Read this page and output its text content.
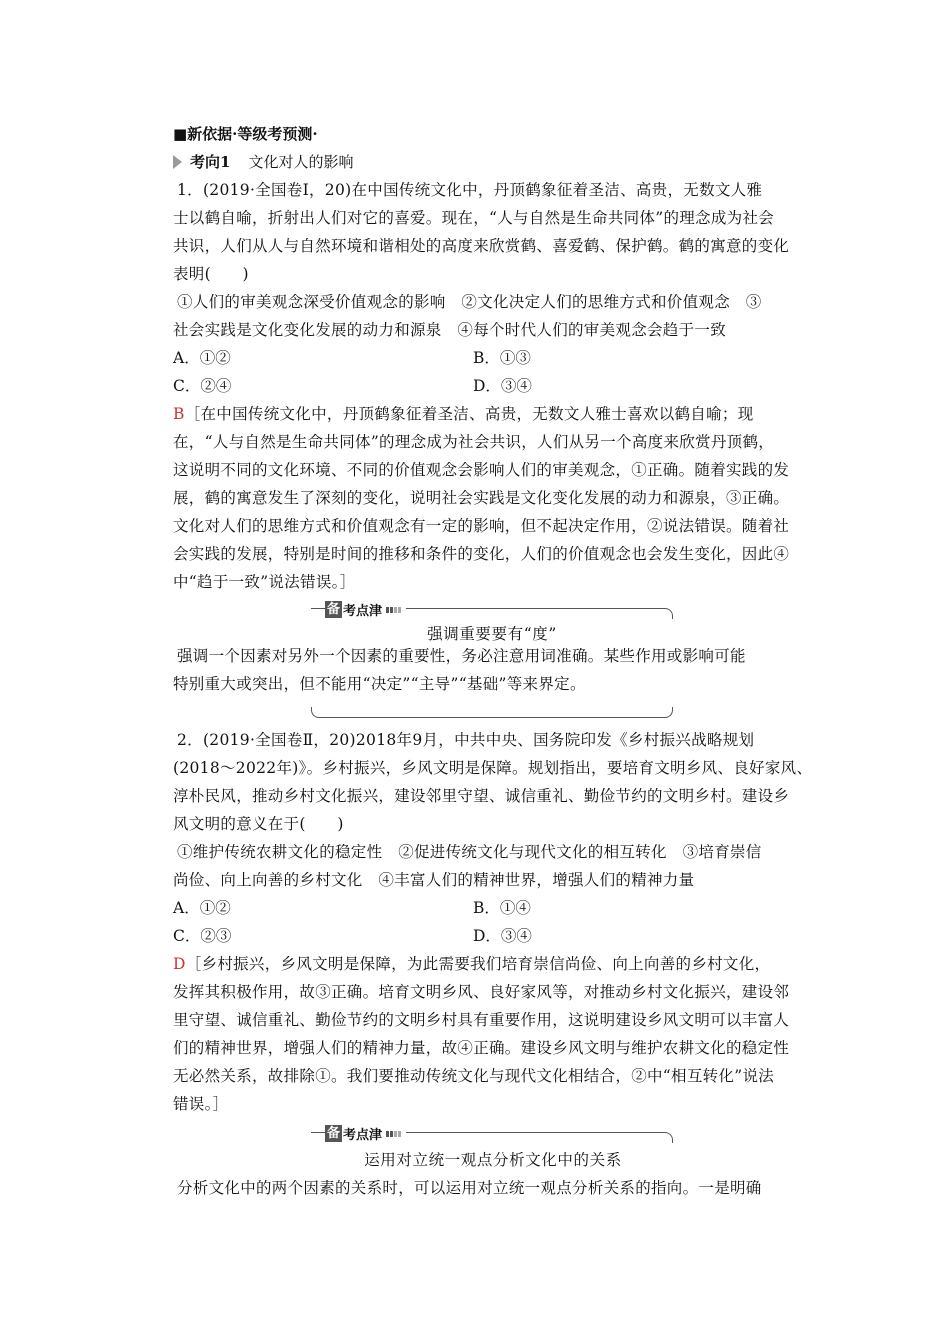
■新依据·等级考预测·
考向1 文化对人的影响
1．(2019·全国卷Ⅰ，20)在中国传统文化中，丹顶鹤象征着圣洁、高贵，无数文人雅
士以鹤自喻，折射出人们对它的喜爱。现在，“人与自然是生命共同体”的理念成为社会
共识，人们从人与自然环境和谐相处的高度来欣赏鹤、喜爱鹤、保护鹤。鹤的寓意的变化
表明(　　)
①人们的审美观念深受价值观念的影响　②文化决定人们的思维方式和价值观念　③
社会实践是文化变化发展的动力和源泉　④每个时代人们的审美观念会趋于一致
A．①②	B．①③
C．②④	D．③④
B［在中国传统文化中，丹顶鹤象征着圣洁、高贵，无数文人雅士喜欢以鹤自喻；现
在，“人与自然是生命共同体”的理念成为社会共识，人们从另一个高度来欣赏丹顶鹤，
这说明不同的文化环境、不同的价值观念会影响人们的审美观念，①正确。随着实践的发
展，鹤的寓意发生了深刻的变化，说明社会实践是文化变化发展的动力和源泉，③正确。
文化对人们的思维方式和价值观念有一定的影响，但不起决定作用，②说法错误。随着社
会实践的发展，特别是时间的推移和条件的变化，人们的价值观念也会发生变化，因此④
中“趋于一致”说法错误。］
备 考点津
强调重要要有“度”
强调一个因素对另外一个因素的重要性，务必注意用词准确。某些作用或影响可能
特别重大或突出，但不能用“决定”“主导”“基础”等来界定。
2．(2019·全国卷Ⅱ，20)2018年9月，中共中央、国务院印发《乡村振兴战略规划
(2018～2022年)》。乡村振兴，乡风文明是保障。规划指出，要培育文明乡风、良好家风、
淳朴民风，推动乡村文化振兴，建设邻里守望、诚信重礼、勤俭节约的文明乡村。建设乡
风文明的意义在于(　　)
①维护传统农耕文化的稳定性　②促进传统文化与现代文化的相互转化　③培育崇信
尚俭、向上向善的乡村文化　④丰富人们的精神世界，增强人们的精神力量
A．①②	B．①④
C．②③	D．③④
D［乡村振兴，乡风文明是保障，为此需要我们培育崇信尚俭、向上向善的乡村文化，
发挥其积极作用，故③正确。培育文明乡风、良好家风等，对推动乡村文化振兴，建设邻
里守望、诚信重礼、勤俭节约的文明乡村具有重要作用，这说明建设乡风文明可以丰富人
们的精神世界，增强人们的精神力量，故④正确。建设乡风文明与维护农耕文化的稳定性
无必然关系，故排除①。我们要推动传统文化与现代文化相结合，②中“相互转化”说法
错误。］
备 考点津
运用对立统一观点分析文化中的关系
分析文化中的两个因素的关系时，可以运用对立统一观点分析关系的指向。一是明确
